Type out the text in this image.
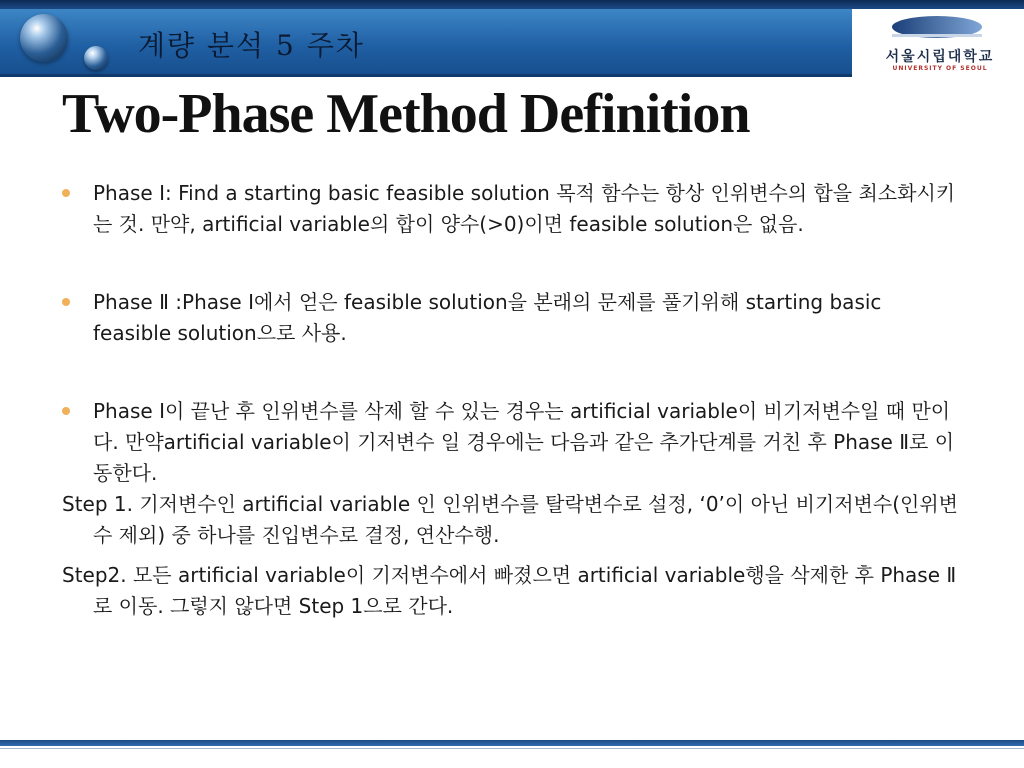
계량 분석 5 주차	서울시립대학교
UNIVERSITY OF SEOUL
Two-Phase Method Definition
Phase Ⅰ: Find a starting basic feasible solution 목적 함수는 항상 인위변수의 합을 최소화시키는 것. 만약, artificial variable의 합이 양수(>0)이면 feasible solution은 없음.
Phase Ⅱ :Phase Ⅰ에서 얻은 feasible solution을 본래의 문제를 풀기위해 starting basic feasible solution으로 사용.
Phase Ⅰ이 끝난 후 인위변수를 삭제 할 수 있는 경우는 artificial variable이 비기저변수일 때 만이다. 만약artificial variable이 기저변수 일 경우에는 다음과 같은 추가단계를 거친 후 Phase Ⅱ로 이동한다.
Step 1. 기저변수인 artificial variable 인 인위변수를 탈락변수로 설정, ‘0’이 아닌 비기저변수(인위변수 제외) 중 하나를 진입변수로 결정, 연산수행.
Step2. 모든 artificial variable이 기저변수에서 빠졌으면 artificial variable행을 삭제한 후 Phase Ⅱ로 이동. 그렇지 않다면 Step 1으로 간다.
